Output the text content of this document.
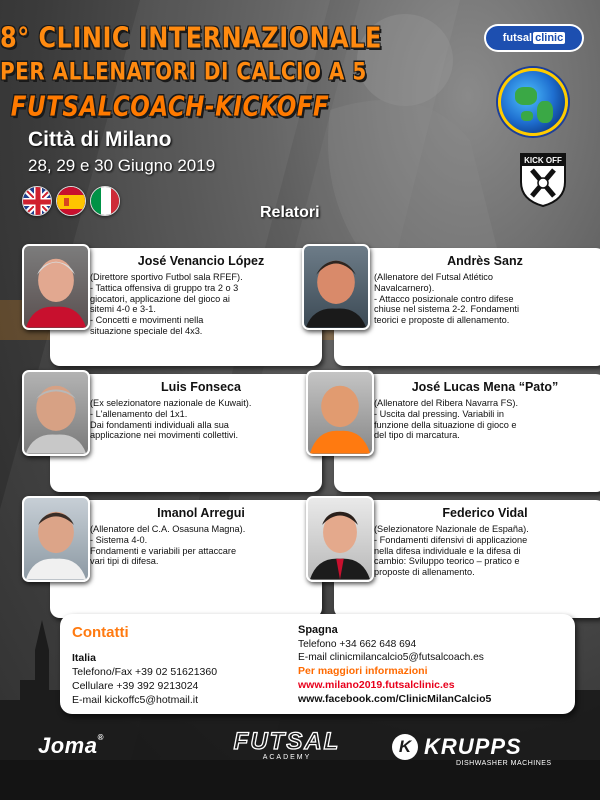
8° CLINIC INTERNAZIONALE
PER ALLENATORI DI CALCIO A 5
FUTSALCOACH-KICKOFF
Città di Milano
28, 29 e 30 Giugno 2019
futsal clinic
KICK OFF
Relatori
José Venancio López
(Direttore sportivo Futbol sala RFEF).
- Tattica offensiva di gruppo tra 2 o 3
giocatori, applicazione del gioco ai
sitemi 4-0 e 3-1.
- Concetti e movimenti nella
situazione speciale del 4x3.
Andrès Sanz
(Allenatore del Futsal Atlético
Navalcarnero).
- Attacco posizionale contro difese
chiuse nel sistema 2-2. Fondamenti
teorici e proposte di allenamento.
Luis Fonseca
(Ex selezionatore nazionale de Kuwait).
- L'allenamento del 1x1.
Dai fondamenti individuali alla sua
applicazione nei movimenti collettivi.
José Lucas Mena “Pato”
(Allenatore del Ribera Navarra FS).
- Uscita dal pressing. Variabili in
funzione della situazione di gioco e
del tipo di marcatura.
Imanol Arregui
(Allenatore del C.A. Osasuna Magna).
- Sistema 4-0.
Fondamenti e variabili per attaccare
vari tipi di difesa.
Federico Vidal
(Selezionatore Nazionale de España).
- Fondamenti difensivi di applicazione
nella difesa individuale e la difesa di
cambio: Sviluppo teorico – pratico e
proposte di allenamento.
Contatti
Italia
Telefono/Fax +39 02 51621360
Cellulare +39 392 9213024
E-mail kickoffc5@hotmail.it
Spagna
Telefono +34 662 648 694
E-mail clinicmilancalcio5@futsalcoach.es
Per maggiori informazioni
www.milano2019.futsalclinic.es
www.facebook.com/ClinicMilanCalcio5
Joma®	FUTSAL
ACADEMY
K KRUPPS
DISHWASHER MACHINES
